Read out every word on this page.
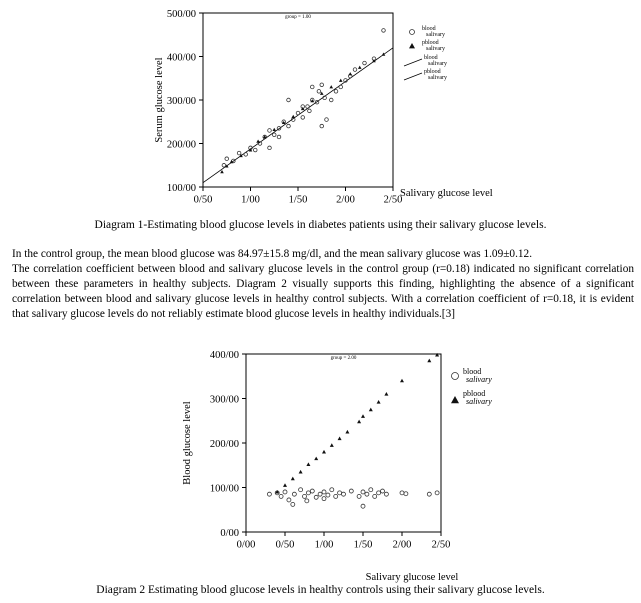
group = 1.00
100/00
200/00
300/00
400/00
500/00
0/50	1/00	1/50	2/00	2/50
Salivary glucose level
Serum glucose level
blood
salivary
pblood
salivary
blood
salivary
pblood
salivary
Diagram 1-Estimating blood glucose levels in diabetes patients using their salivary glucose levels.

In the control group, the mean blood glucose was 84.97±15.8 mg/dl, and the mean salivary glucose was 1.09±0.12.

The correlation coefficient between blood and salivary glucose levels in the control group (r=0.18) indicated no significant correlation between these parameters in healthy subjects. Diagram 2 visually supports this finding, highlighting the absence of a significant correlation between blood and salivary glucose levels in healthy control subjects. With a correlation coefficient of r=0.18, it is evident that salivary glucose levels do not reliably estimate blood glucose levels in healthy individuals.[3]

group = 2.00
0/00
100/00
200/00
300/00
400/00
0/00 0/50 1/00 1/50 2/00 2/50
Salivary glucose level
Blood glucose level
blood
salivary
pblood
salivary
Diagram 2 Estimating blood glucose levels in healthy controls using their salivary glucose levels.
